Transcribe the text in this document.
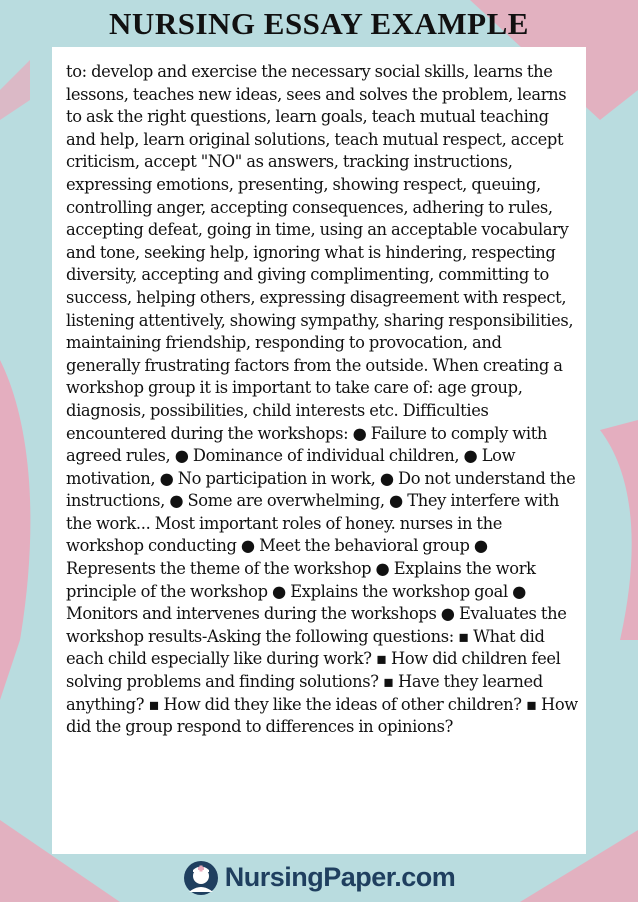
NURSING ESSAY EXAMPLE

to: develop and exercise the necessary social skills, learns the lessons, teaches new ideas, sees and solves the problem, learns to ask the right questions, learn goals, teach mutual teaching and help, learn original solutions, teach mutual respect, accept criticism, accept "NO" as answers, tracking instructions, expressing emotions, presenting, showing respect, queuing, controlling anger, accepting consequences, adhering to rules, accepting defeat, going in time, using an acceptable vocabulary and tone, seeking help, ignoring what is hindering, respecting diversity, accepting and giving complimenting, committing to success, helping others, expressing disagreement with respect, listening attentively, showing sympathy, sharing responsibilities, maintaining friendship, responding to provocation, and generally frustrating factors from the outside. When creating a workshop group it is important to take care of: age group, diagnosis, possibilities, child interests etc. Difficulties encountered during the workshops: ● Failure to comply with agreed rules, ● Dominance of individual children, ● Low motivation, ● No participation in work, ● Do not understand the instructions, ● Some are overwhelming, ● They interfere with the work... Most important roles of honey. nurses in the workshop conducting ● Meet the behavioral group ● Represents the theme of the workshop ● Explains the work principle of the workshop ● Explains the workshop goal ● Monitors and intervenes during the workshops ● Evaluates the workshop results-Asking the following questions: ▪ What did each child especially like during work? ▪ How did children feel solving problems and finding solutions? ▪ Have they learned anything? ▪ How did they like the ideas of other children? ▪ How did the group respond to differences in opinions?

NursingPaper.com
